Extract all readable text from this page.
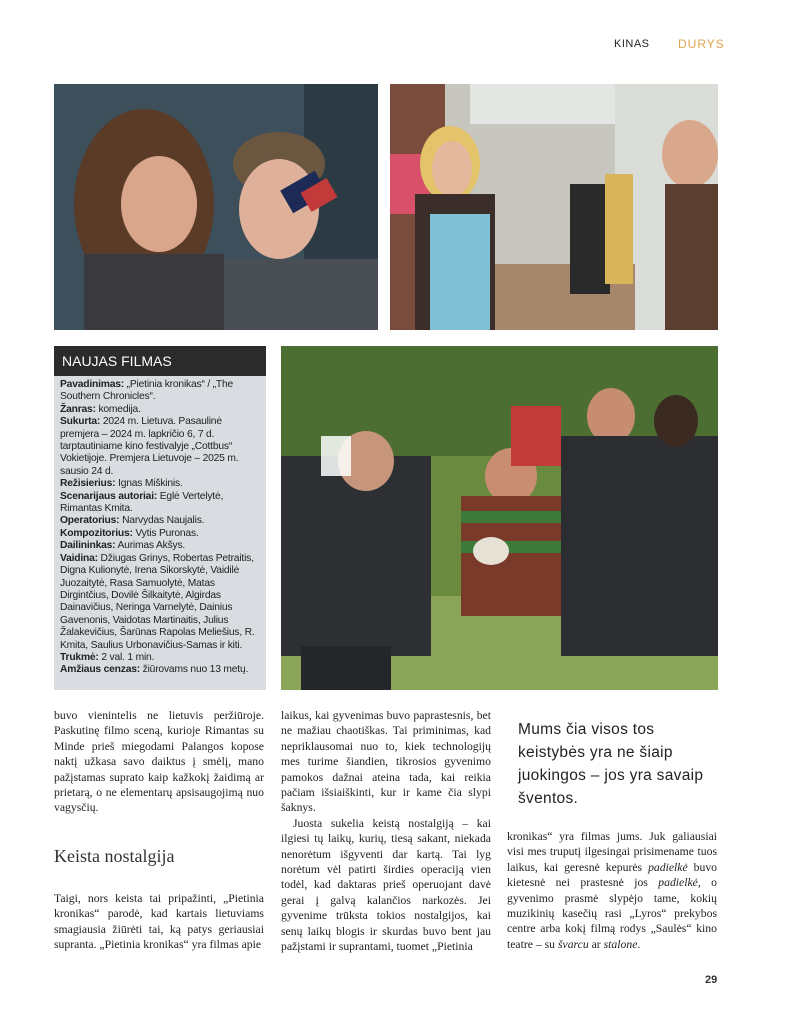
KINAS DURYS
NAUJAS FILMAS

Pavadinimas: „Pietinia kronikas“ / „The Southern Chronicles“.

Žanras: komedija.

Sukurta: 2024 m. Lietuva. Pasaulinė premjera – 2024 m. lapkričio 6, 7 d. tarptautiniame kino festivalyje „Cottbus“ Vokietijoje. Premjera Lietuvoje – 2025 m. sausio 24 d.

Režisierius: Ignas Miškinis.

Scenarijaus autoriai: Eglė Vertelytė, Rimantas Kmita.

Operatorius: Narvydas Naujalis.

Kompozitorius: Vytis Puronas.

Dailininkas: Aurimas Akšys.

Vaidina: Džiugas Grinys, Robertas Petraitis, Digna Kulionytė, Irena Sikorskytė, Vaidilė Juozaitytė, Rasa Samuolytė, Matas Dirgintčius, Dovilė Šilkaitytė, Algirdas Dainavičius, Neringa Varnelytė, Dainius Gavenonis, Vaidotas Martinaitis, Julius Žalakevičius, Šarūnas Rapolas Meliešius, R. Kmita, Saulius Urbonavičius-Samas ir kiti.

Trukmė: 2 val. 1 min.

Amžiaus cenzas: žiūrovams nuo 13 metų.

buvo vienintelis ne lietuvis peržiūroje. Paskutinę filmo sceną, kurioje Rimantas su Minde prieš miegodami Palangos kopose naktį užkasa savo daiktus į smėlį, mano pažįstamas suprato kaip kažkokį žaidimą ar prietarą, o ne elementarų apsisaugojimą nuo vagysčių.

Keista nostalgija

Taigi, nors keista tai pripažinti, „Pietinia kronikas“ parodė, kad kartais lietuviams smagiausia žiūrėti tai, ką patys geriausiai supranta. „Pietinia kronikas“ yra filmas apie

laikus, kai gyvenimas buvo paprastesnis, bet ne mažiau chaotiškas. Tai priminimas, kad nepriklausomai nuo to, kiek technologijų mes turime šiandien, tikrosios gyvenimo pamokos dažnai ateina tada, kai reikia pačiam išsiaiškinti, kur ir kame čia slypi šaknys.

Juosta sukelia keistą nostalgiją – kai ilgiesi tų laikų, kurių, tiesą sakant, niekada nenorėtum išgyventi dar kartą. Tai lyg norėtum vėl patirti širdies operaciją vien todėl, kad daktaras prieš operuojant davė gerai į galvą kalančios narkozės. Jei gyvenime trūksta tokios nostalgijos, kai senų laikų blogis ir skurdas buvo bent jau pažįstami ir suprantami, tuomet „Pietinia

Mums čia visos tos keistybės yra ne šiaip juokingos – jos yra savaip šventos.

kronikas“ yra filmas jums. Juk galiausiai visi mes truputį ilgesingai prisimename tuos laikus, kai geresnė kepurės padielkė buvo kietesnė nei prastesnė jos padielkė, o gyvenimo prasmė slypėjo tame, kokių muzikinių kasečių rasi „Lyros“ prekybos centre arba kokį filmą rodys „Saulės“ kino teatre – su švarcu ar stalone.

29
